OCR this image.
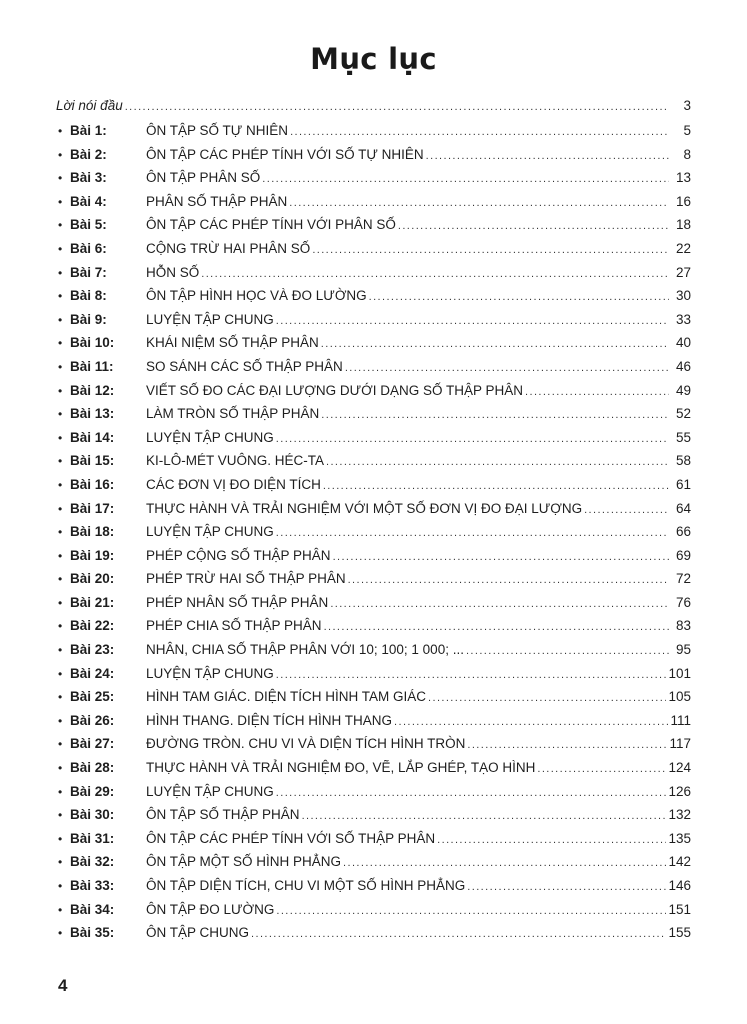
Mục lục
Lời nói đầu .....	3
• Bài 1:	ÔN TẬP SỐ TỰ NHIÊN .....	5
• Bài 2:	ÔN TẬP CÁC PHÉP TÍNH VỚI SỐ TỰ NHIÊN .....	8
• Bài 3:	ÔN TẬP PHÂN SỐ .....	13
• Bài 4:	PHÂN SỐ THẬP PHÂN .....	16
• Bài 5:	ÔN TẬP CÁC PHÉP TÍNH VỚI PHÂN SỐ .....	18
• Bài 6:	CỘNG TRỪ HAI PHÂN SỐ .....	22
• Bài 7:	HỖN SỐ .....	27
• Bài 8:	ÔN TẬP HÌNH HỌC VÀ ĐO LƯỜNG .....	30
• Bài 9:	LUYỆN TẬP CHUNG .....	33
• Bài 10:	KHÁI NIỆM SỐ THẬP PHÂN .....	40
• Bài 11:	SO SÁNH CÁC SỐ THẬP PHÂN .....	46
• Bài 12:	VIẾT SỐ ĐO CÁC ĐẠI LƯỢNG DƯỚI DẠNG SỐ THẬP PHÂN .....	49
• Bài 13:	LÀM TRÒN SỐ THẬP PHÂN .....	52
• Bài 14:	LUYỆN TẬP CHUNG .....	55
• Bài 15:	KI-LÔ-MÉT VUÔNG. HÉC-TA .....	58
• Bài 16:	CÁC ĐƠN VỊ ĐO DIỆN TÍCH .....	61
• Bài 17:	THỰC HÀNH VÀ TRẢI NGHIỆM VỚI MỘT SỐ ĐƠN VỊ ĐO ĐẠI LƯỢNG .....	64
• Bài 18:	LUYỆN TẬP CHUNG .....	66
• Bài 19:	PHÉP CỘNG SỐ THẬP PHÂN .....	69
• Bài 20:	PHÉP TRỪ HAI SỐ THẬP PHÂN .....	72
• Bài 21:	PHÉP NHÂN SỐ THẬP PHÂN .....	76
• Bài 22:	PHÉP CHIA SỐ THẬP PHÂN .....	83
• Bài 23:	NHÂN, CHIA SỐ THẬP PHÂN VỚI 10; 100; 1 000; ... .....	95
• Bài 24:	LUYỆN TẬP CHUNG .....	101
• Bài 25:	HÌNH TAM GIÁC. DIỆN TÍCH HÌNH TAM GIÁC .....	105
• Bài 26:	HÌNH THANG. DIỆN TÍCH HÌNH THANG .....	111
• Bài 27:	ĐƯỜNG TRÒN. CHU VI VÀ DIỆN TÍCH HÌNH TRÒN .....	117
• Bài 28:	THỰC HÀNH VÀ TRẢI NGHIỆM ĐO, VẼ, LẮP GHÉP, TẠO HÌNH .....	124
• Bài 29:	LUYỆN TẬP CHUNG .....	126
• Bài 30:	ÔN TẬP SỐ THẬP PHÂN .....	132
• Bài 31:	ÔN TẬP CÁC PHÉP TÍNH VỚI SỐ THẬP PHÂN .....	135
• Bài 32:	ÔN TẬP MỘT SỐ HÌNH PHẲNG .....	142
• Bài 33:	ÔN TẬP DIỆN TÍCH, CHU VI MỘT SỐ HÌNH PHẲNG .....	146
• Bài 34:	ÔN TẬP ĐO LƯỜNG .....	151
• Bài 35:	ÔN TẬP CHUNG .....	155
4
